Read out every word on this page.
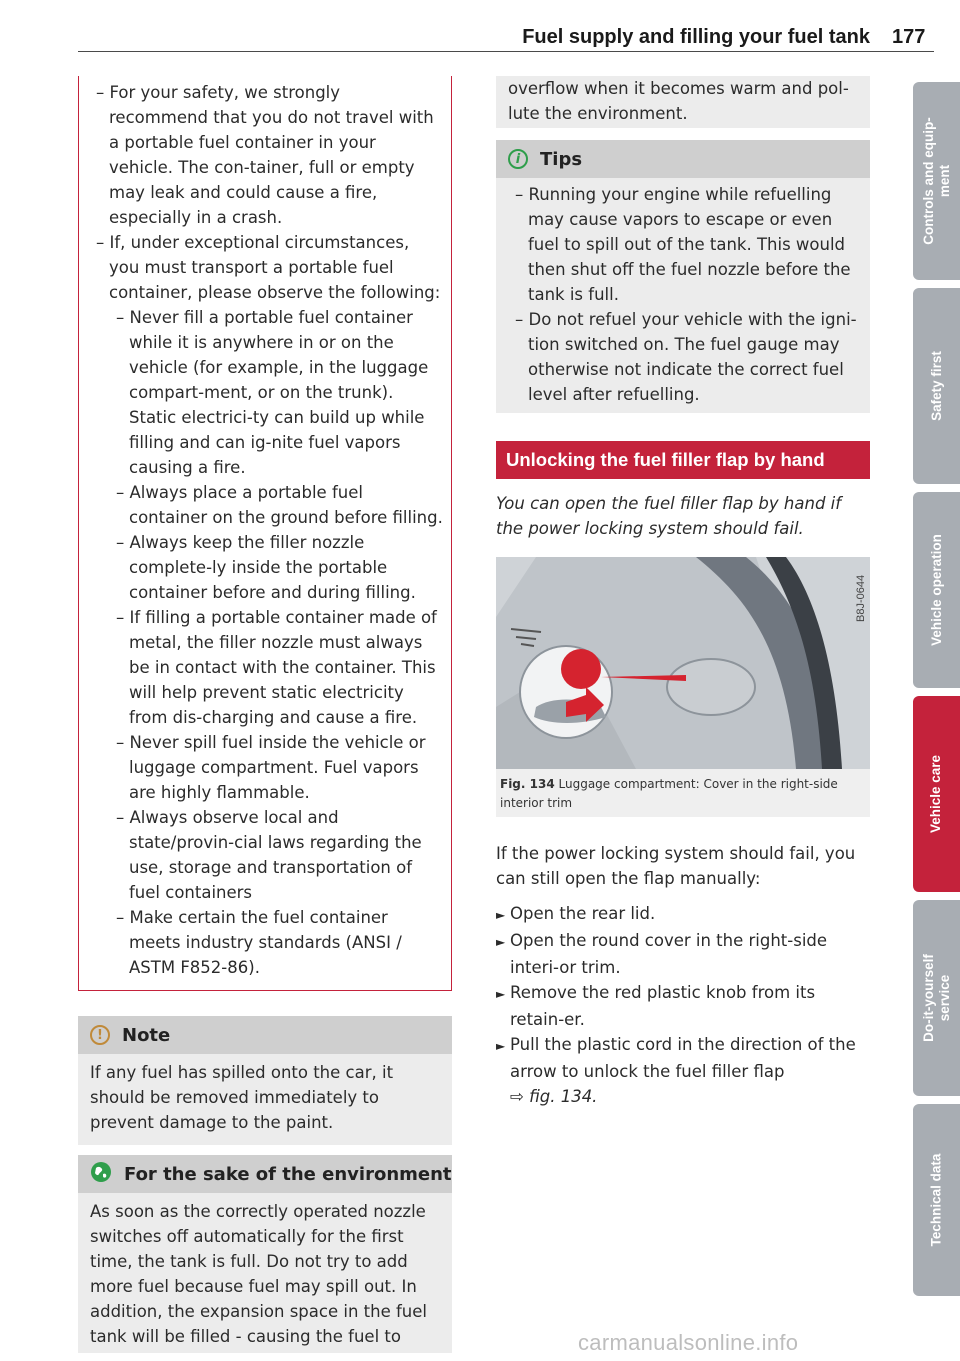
Fuel supply and filling your fuel tank 177

– For your safety, we strongly recommend that you do not travel with a portable fuel container in your vehicle. The con-tainer, full or empty may leak and could cause a fire, especially in a crash.

– If, under exceptional circumstances, you must transport a portable fuel container, please observe the following:

– Never fill a portable fuel container while it is anywhere in or on the vehicle (for example, in the luggage compart-ment, or on the trunk). Static electrici-ty can build up while filling and can ig-nite fuel vapors causing a fire.

– Always place a portable fuel container on the ground before filling.

– Always keep the filler nozzle complete-ly inside the portable container before and during filling.

– If filling a portable container made of metal, the filler nozzle must always be in contact with the container. This will help prevent static electricity from dis-charging and cause a fire.

– Never spill fuel inside the vehicle or luggage compartment. Fuel vapors are highly flammable.

– Always observe local and state/provin-cial laws regarding the use, storage and transportation of fuel containers

– Make certain the fuel container meets industry standards (ANSI / ASTM F852-86).

!	Note
If any fuel has spilled onto the car, it should be removed immediately to prevent damage to the paint.
For the sake of the environment
As soon as the correctly operated nozzle switches off automatically for the first time, the tank is full. Do not try to add more fuel because fuel may spill out. In addition, the expansion space in the fuel tank will be filled - causing the fuel to
overflow when it becomes warm and pol-lute the environment.
i	Tips

– Running your engine while refuelling may cause vapors to escape or even fuel to spill out of the tank. This would then shut off the fuel nozzle before the tank is full.

– Do not refuel your vehicle with the igni-tion switched on. The fuel gauge may otherwise not indicate the correct fuel level after refuelling.

Unlocking the fuel filler flap by hand
You can open the fuel filler flap by hand if the power locking system should fail.
B8J-0644
Fig. 134 Luggage compartment: Cover in the right-side interior trim
If the power locking system should fail, you can still open the flap manually:
► Open the rear lid.
► Open the round cover in the right-side interi-or trim.
► Remove the red plastic knob from its retain-er.
► Pull the plastic cord in the direction of the arrow to unlock the fuel filler flap
⇨ fig. 134.
Controls and equip-
ment
Safety first
Vehicle operation
Vehicle care
Do-it-yourself
service
Technical data
carmanualsonline.info
